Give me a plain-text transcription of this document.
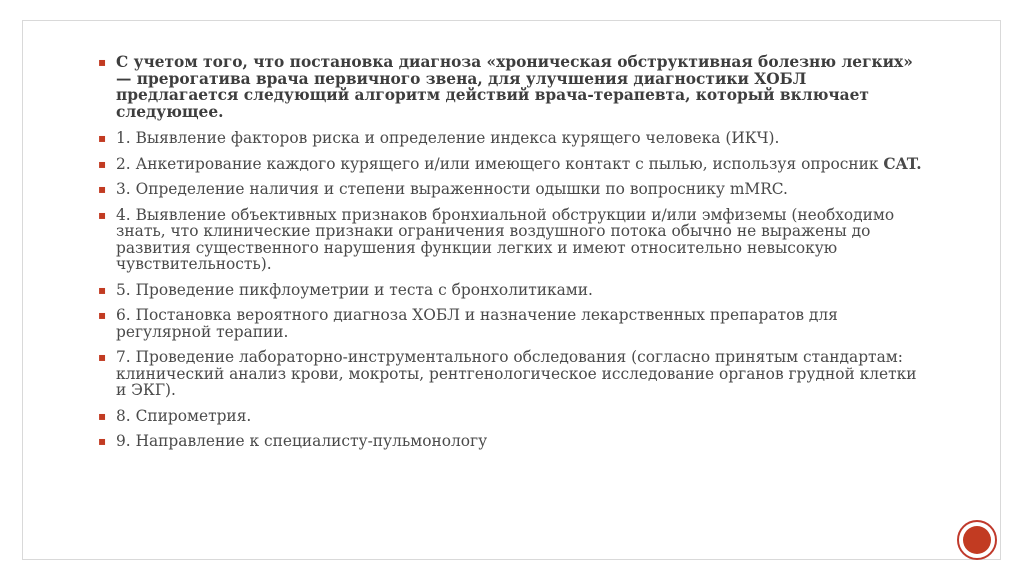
▪ С учетом того, что постановка диагноза «хроническая обструктивная болезню легких» — прерогатива врача первичного звена, для улучшения диагностики ХОБЛ предлагается следующий алгоритм действий врача-терапевта, который включает следующее.
▪ 1. Выявление факторов риска и определение индекса курящего человека (ИКЧ).
▪ 2. Анкетирование каждого курящего и/или имеющего контакт с пылью, используя опросник CAT.
▪ 3. Определение наличия и степени выраженности одышки по вопроснику mMRC.
▪ 4. Выявление объективных признаков бронхиальной обструкции и/или эмфиземы (необходимо знать, что клинические признаки ограничения воздушного потока обычно не выражены до развития существенного нарушения функции легких и имеют относительно невысокую чувствительность).
▪ 5. Проведение пикфлоуметрии и теста с бронхолитиками.
▪ 6. Постановка вероятного диагноза ХОБЛ и назначение лекарственных препаратов для регулярной терапии.
▪ 7. Проведение лабораторно-инструментального обследования (согласно принятым стандартам: клинический анализ крови, мокроты, рентгенологическое исследование органов грудной клетки и ЭКГ).
▪ 8. Спирометрия.
▪ 9. Направление к специалисту-пульмонологу
